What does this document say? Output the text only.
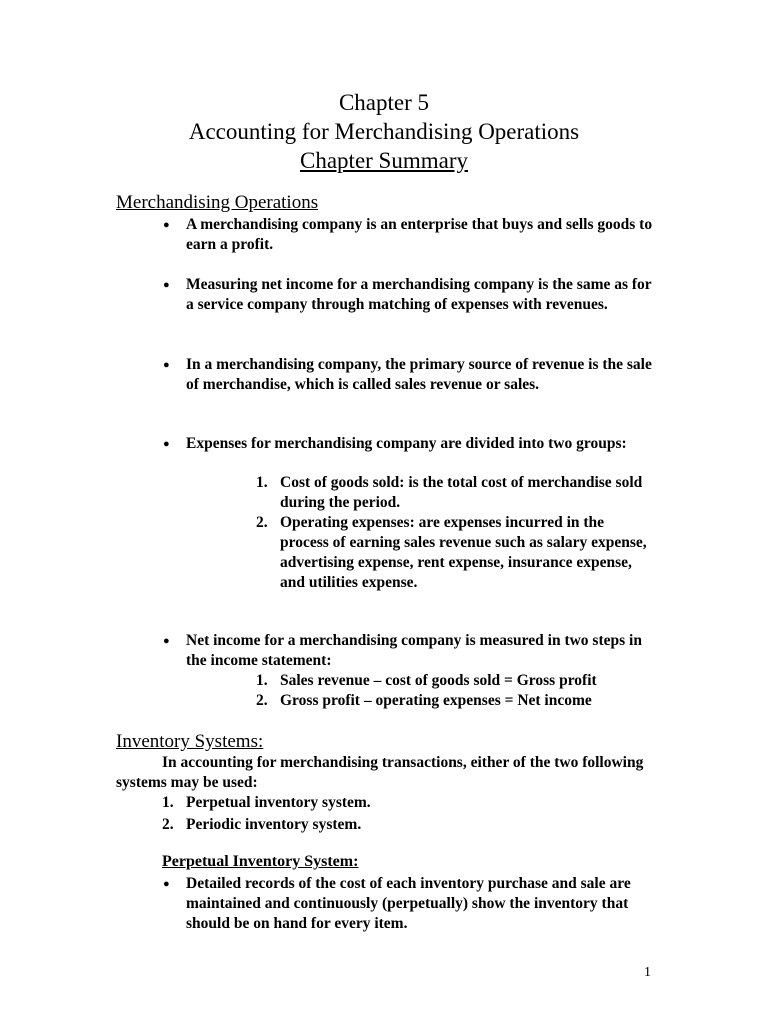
Chapter 5
Accounting for Merchandising Operations
Chapter Summary
Merchandising Operations
● A merchandising company is an enterprise that buys and sells goods to earn a profit.
● Measuring net income for a merchandising company is the same as for a service company through matching of expenses with revenues.
● In a merchandising company, the primary source of revenue is the sale of merchandise, which is called sales revenue or sales.
● Expenses for merchandising company are divided into two groups:
1. Cost of goods sold: is the total cost of merchandise sold during the period.
2. Operating expenses: are expenses incurred in the process of earning sales revenue such as salary expense, advertising expense, rent expense, insurance expense, and utilities expense.
● Net income for a merchandising company is measured in two steps in the income statement:
1. Sales revenue – cost of goods sold = Gross profit
2. Gross profit – operating expenses = Net income
Inventory Systems:
In accounting for merchandising transactions, either of the two following systems may be used:
1. Perpetual inventory system.
2. Periodic inventory system.
Perpetual Inventory System:
● Detailed records of the cost of each inventory purchase and sale are maintained and continuously (perpetually) show the inventory that should be on hand for every item.
1
